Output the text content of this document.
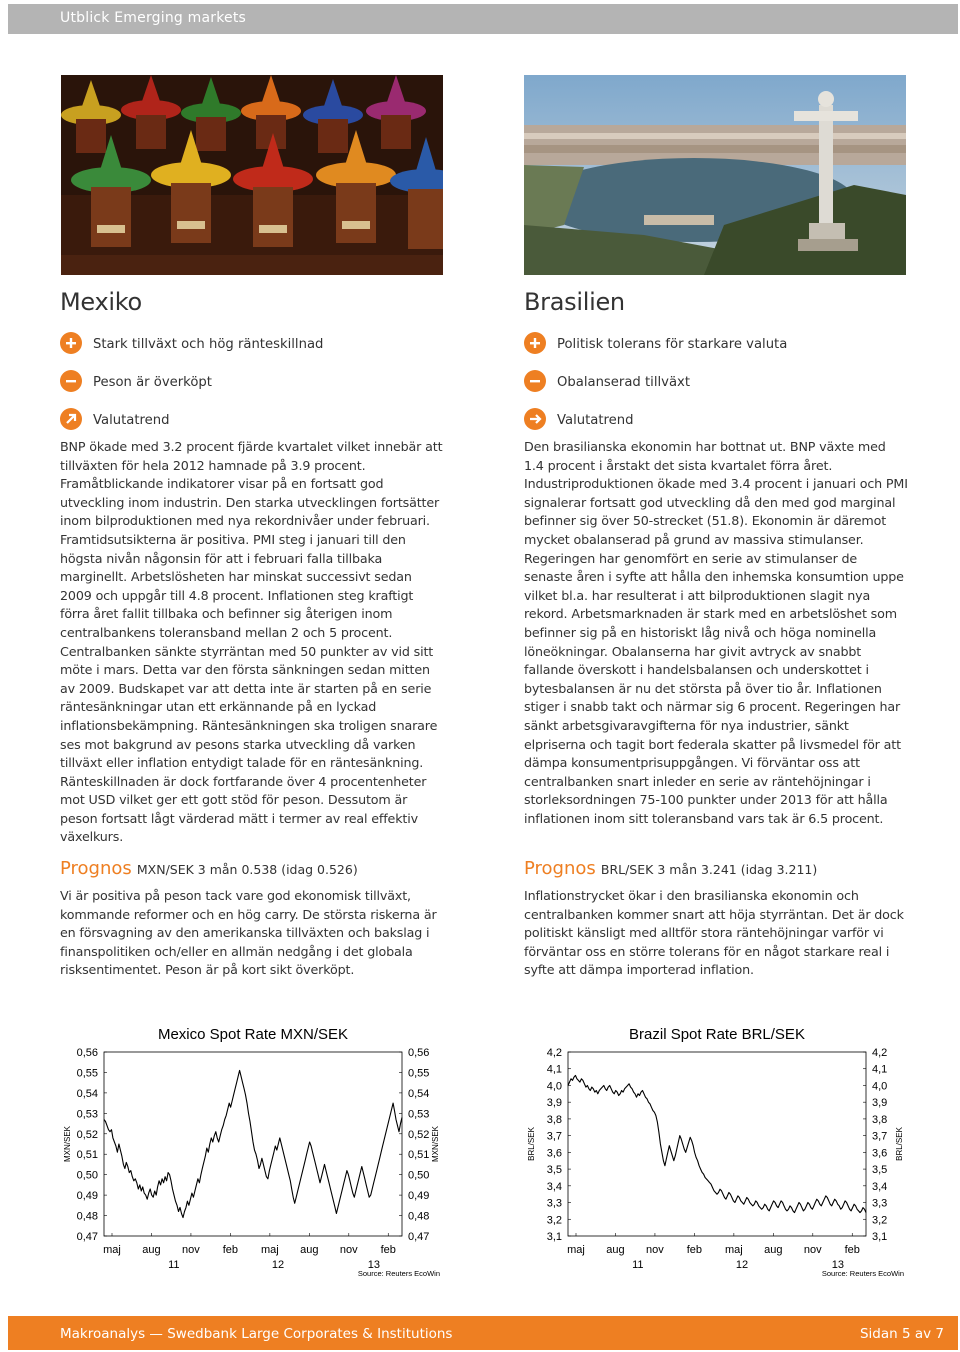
Utblick Emerging markets
Mexiko
Stark tillväxt och hög ränteskillnad
Peson är överköpt
Valutatrend

BNP ökade med 3.2 procent fjärde kvartalet vilket innebär att tillväxten för hela 2012 hamnade på 3.9 procent. Framåtblickande indikatorer visar på en fortsatt god utveckling inom industrin. Den starka utvecklingen fortsätter inom bilproduktionen med nya rekordnivåer under februari. Framtidsutsikterna är positiva. PMI steg i januari till den högsta nivån någonsin för att i februari falla tillbaka marginellt. Arbetslösheten har minskat successivt sedan 2009 och uppgår till 4.8 procent. Inflationen steg kraftigt förra året fallit tillbaka och befinner sig återigen inom centralbankens toleransband mellan 2 och 5 procent. Centralbanken sänkte styrräntan med 50 punkter av vid sitt möte i mars. Detta var den första sänkningen sedan mitten av 2009. Budskapet var att detta inte är starten på en serie räntesänkningar utan ett erkännande på en lyckad inflationsbekämpning. Räntesänkningen ska troligen snarare ses mot bakgrund av pesons starka utveckling då varken tillväxt eller inflation entydigt talade för en räntesänkning. Ränteskillnaden är dock fortfarande över 4 procentenheter mot USD vilket ger ett gott stöd för peson. Dessutom är peson fortsatt lågt värderad mätt i termer av real effektiv växelkurs.

Brasilien
Politisk tolerans för starkare valuta
Obalanserad tillväxt
Valutatrend

Den brasilianska ekonomin har bottnat ut. BNP växte med 1.4 procent i årstakt det sista kvartalet förra året. Industriproduktionen ökade med 3.4 procent i januari och PMI signalerar fortsatt god utveckling då den med god marginal befinner sig över 50-strecket (51.8). Ekonomin är däremot mycket obalanserad på grund av massiva stimulanser. Regeringen har genomfört en serie av stimulanser de senaste åren i syfte att hålla den inhemska konsumtion uppe vilket bl.a. har resulterat i att bilproduktionen slagit nya rekord. Arbetsmarknaden är stark med en arbetslöshet som befinner sig på en historiskt låg nivå och höga nominella löneökningar. Obalanserna har givit avtryck av snabbt fallande överskott i handelsbalansen och underskottet i bytesbalansen är nu det största på över tio år. Inflationen stiger i snabb takt och närmar sig 6 procent. Regeringen har sänkt arbetsgivaravgifterna för nya industrier, sänkt elpriserna och tagit bort federala skatter på livsmedel för att dämpa konsumentprisuppgången. Vi förväntar oss att centralbanken snart inleder en serie av räntehöjningar i storleksordningen 75-100 punkter under 2013 för att hålla inflationen inom sitt toleransband vars tak är 6.5 procent.

Prognos MXN/SEK 3 mån 0.538 (idag 0.526)

Vi är positiva på peson tack vare god ekonomisk tillväxt, kommande reformer och en hög carry. De största riskerna är en försvagning av den amerikanska tillväxten och bakslag i finanspolitiken och/eller en allmän nedgång i det globala risksentimentet. Peson är på kort sikt överköpt.

Prognos BRL/SEK 3 mån 3.241 (idag 3.211)

Inflationstrycket ökar i den brasilianska ekonomin och centralbanken kommer snart att höja styrräntan. Det är dock politiskt känsligt med alltför stora räntehöjningar varför vi förväntar oss en större tolerans för en något starkare real i syfte att dämpa importerad inflation.

Mexico Spot Rate MXN/SEK
0,56	0,56
0,55	0,55
0,54	0,54
0,53	0,53
0,52	0,52
0,51	0,51
0,50	0,50
0,49	0,49
0,48	0,48
0,47	0,47
MXN/SEK	MXN/SEK
maj aug nov feb maj aug nov feb
11	12	13
Source: Reuters EcoWin
Brazil Spot Rate BRL/SEK
4,2	4,2
4,1	4,1
4,0	4,0
3,9	3,9
3,8	3,8
3,7	3,7
3,6	3,6
3,5	3,5
3,4	3,4
3,3	3,3
3,2	3,2
3,1	3,1
BRL/SEK	BRL/SEK
maj aug nov feb maj aug nov feb
11	12	13
Source: Reuters EcoWin
Makroanalys — Swedbank Large Corporates & Institutions	Sidan 5 av 7
